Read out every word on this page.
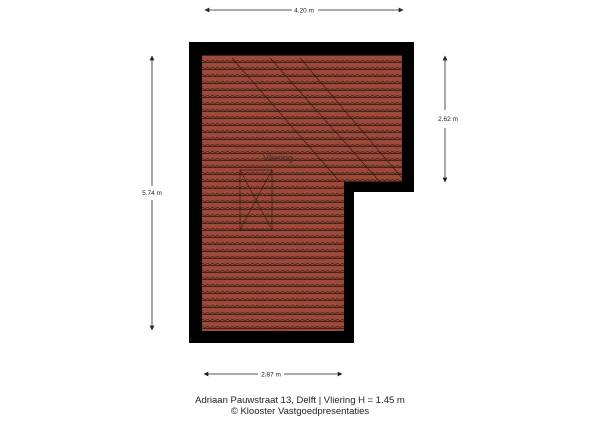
Vliering
4.20 m
2.62 m
5.74 m
2.87 m
Adriaan Pauwstraat 13, Delft | Vliering H = 1.45 m
© Klooster Vastgoedpresentaties
